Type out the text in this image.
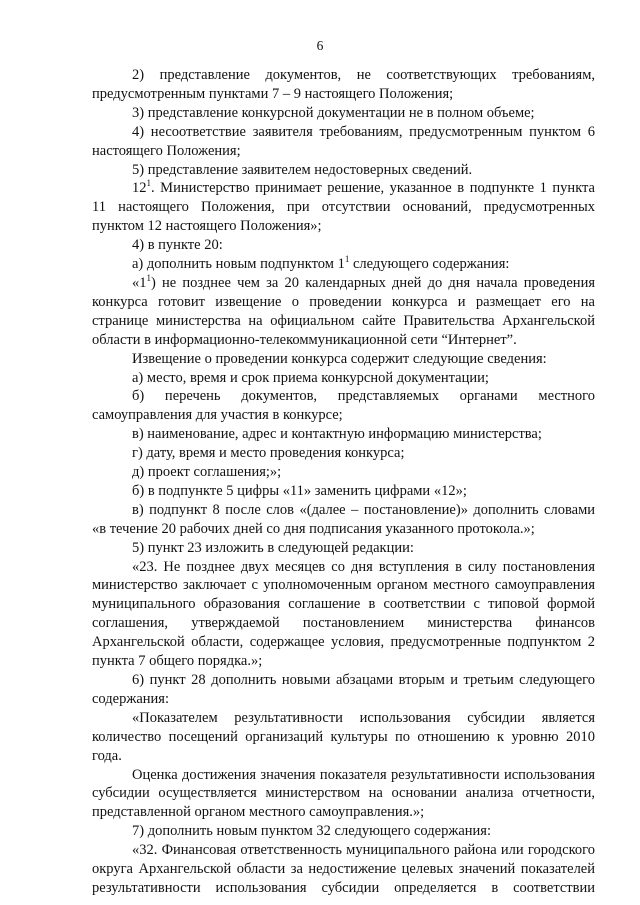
6

2) представление документов, не соответствующих требованиям, предусмотренным пунктами 7 – 9 настоящего Положения;

3) представление конкурсной документации не в полном объеме;

4) несоответствие заявителя требованиям, предусмотренным пунктом 6 настоящего Положения;

5) представление заявителем недостоверных сведений.

$12^1$. Министерство принимает решение, указанное в подпункте 1 пункта 11 настоящего Положения, при отсутствии оснований, предусмотренных пунктом 12 настоящего Положения»;

4) в пункте 20:

а) дополнить новым подпунктом $1^1$ следующего содержания:

«$1^1$) не позднее чем за 20 календарных дней до дня начала проведения конкурса готовит извещение о проведении конкурса и размещает его на странице министерства на официальном сайте Правительства Архангельской области в информационно-телекоммуникационной сети “Интернет”.

Извещение о проведении конкурса содержит следующие сведения:

а) место, время и срок приема конкурсной документации;

б) перечень документов, представляемых органами местного самоуправления для участия в конкурсе;

в) наименование, адрес и контактную информацию министерства;

г) дату, время и место проведения конкурса;

д) проект соглашения;»;

б) в подпункте 5 цифры «11» заменить цифрами «12»;

в) подпункт 8 после слов «(далее – постановление)» дополнить словами «в течение 20 рабочих дней со дня подписания указанного протокола.»;

5) пункт 23 изложить в следующей редакции:

«23. Не позднее двух месяцев со дня вступления в силу постановления министерство заключает с уполномоченным органом местного самоуправления муниципального образования соглашение в соответствии с типовой формой соглашения, утверждаемой постановлением министерства финансов Архангельской области, содержащее условия, предусмотренные подпунктом 2 пункта 7 общего порядка.»;

6) пункт 28 дополнить новыми абзацами вторым и третьим следующего содержания:

«Показателем результативности использования субсидии является количество посещений организаций культуры по отношению к уровню 2010 года.

Оценка достижения значения показателя результативности использования субсидии осуществляется министерством на основании анализа отчетности, представленной органом местного самоуправления.»;

7) дополнить новым пунктом 32 следующего содержания:

«32. Финансовая ответственность муниципального района или городского округа Архангельской области за недостижение целевых значений показателей результативности использования субсидии определяется в соответствии
